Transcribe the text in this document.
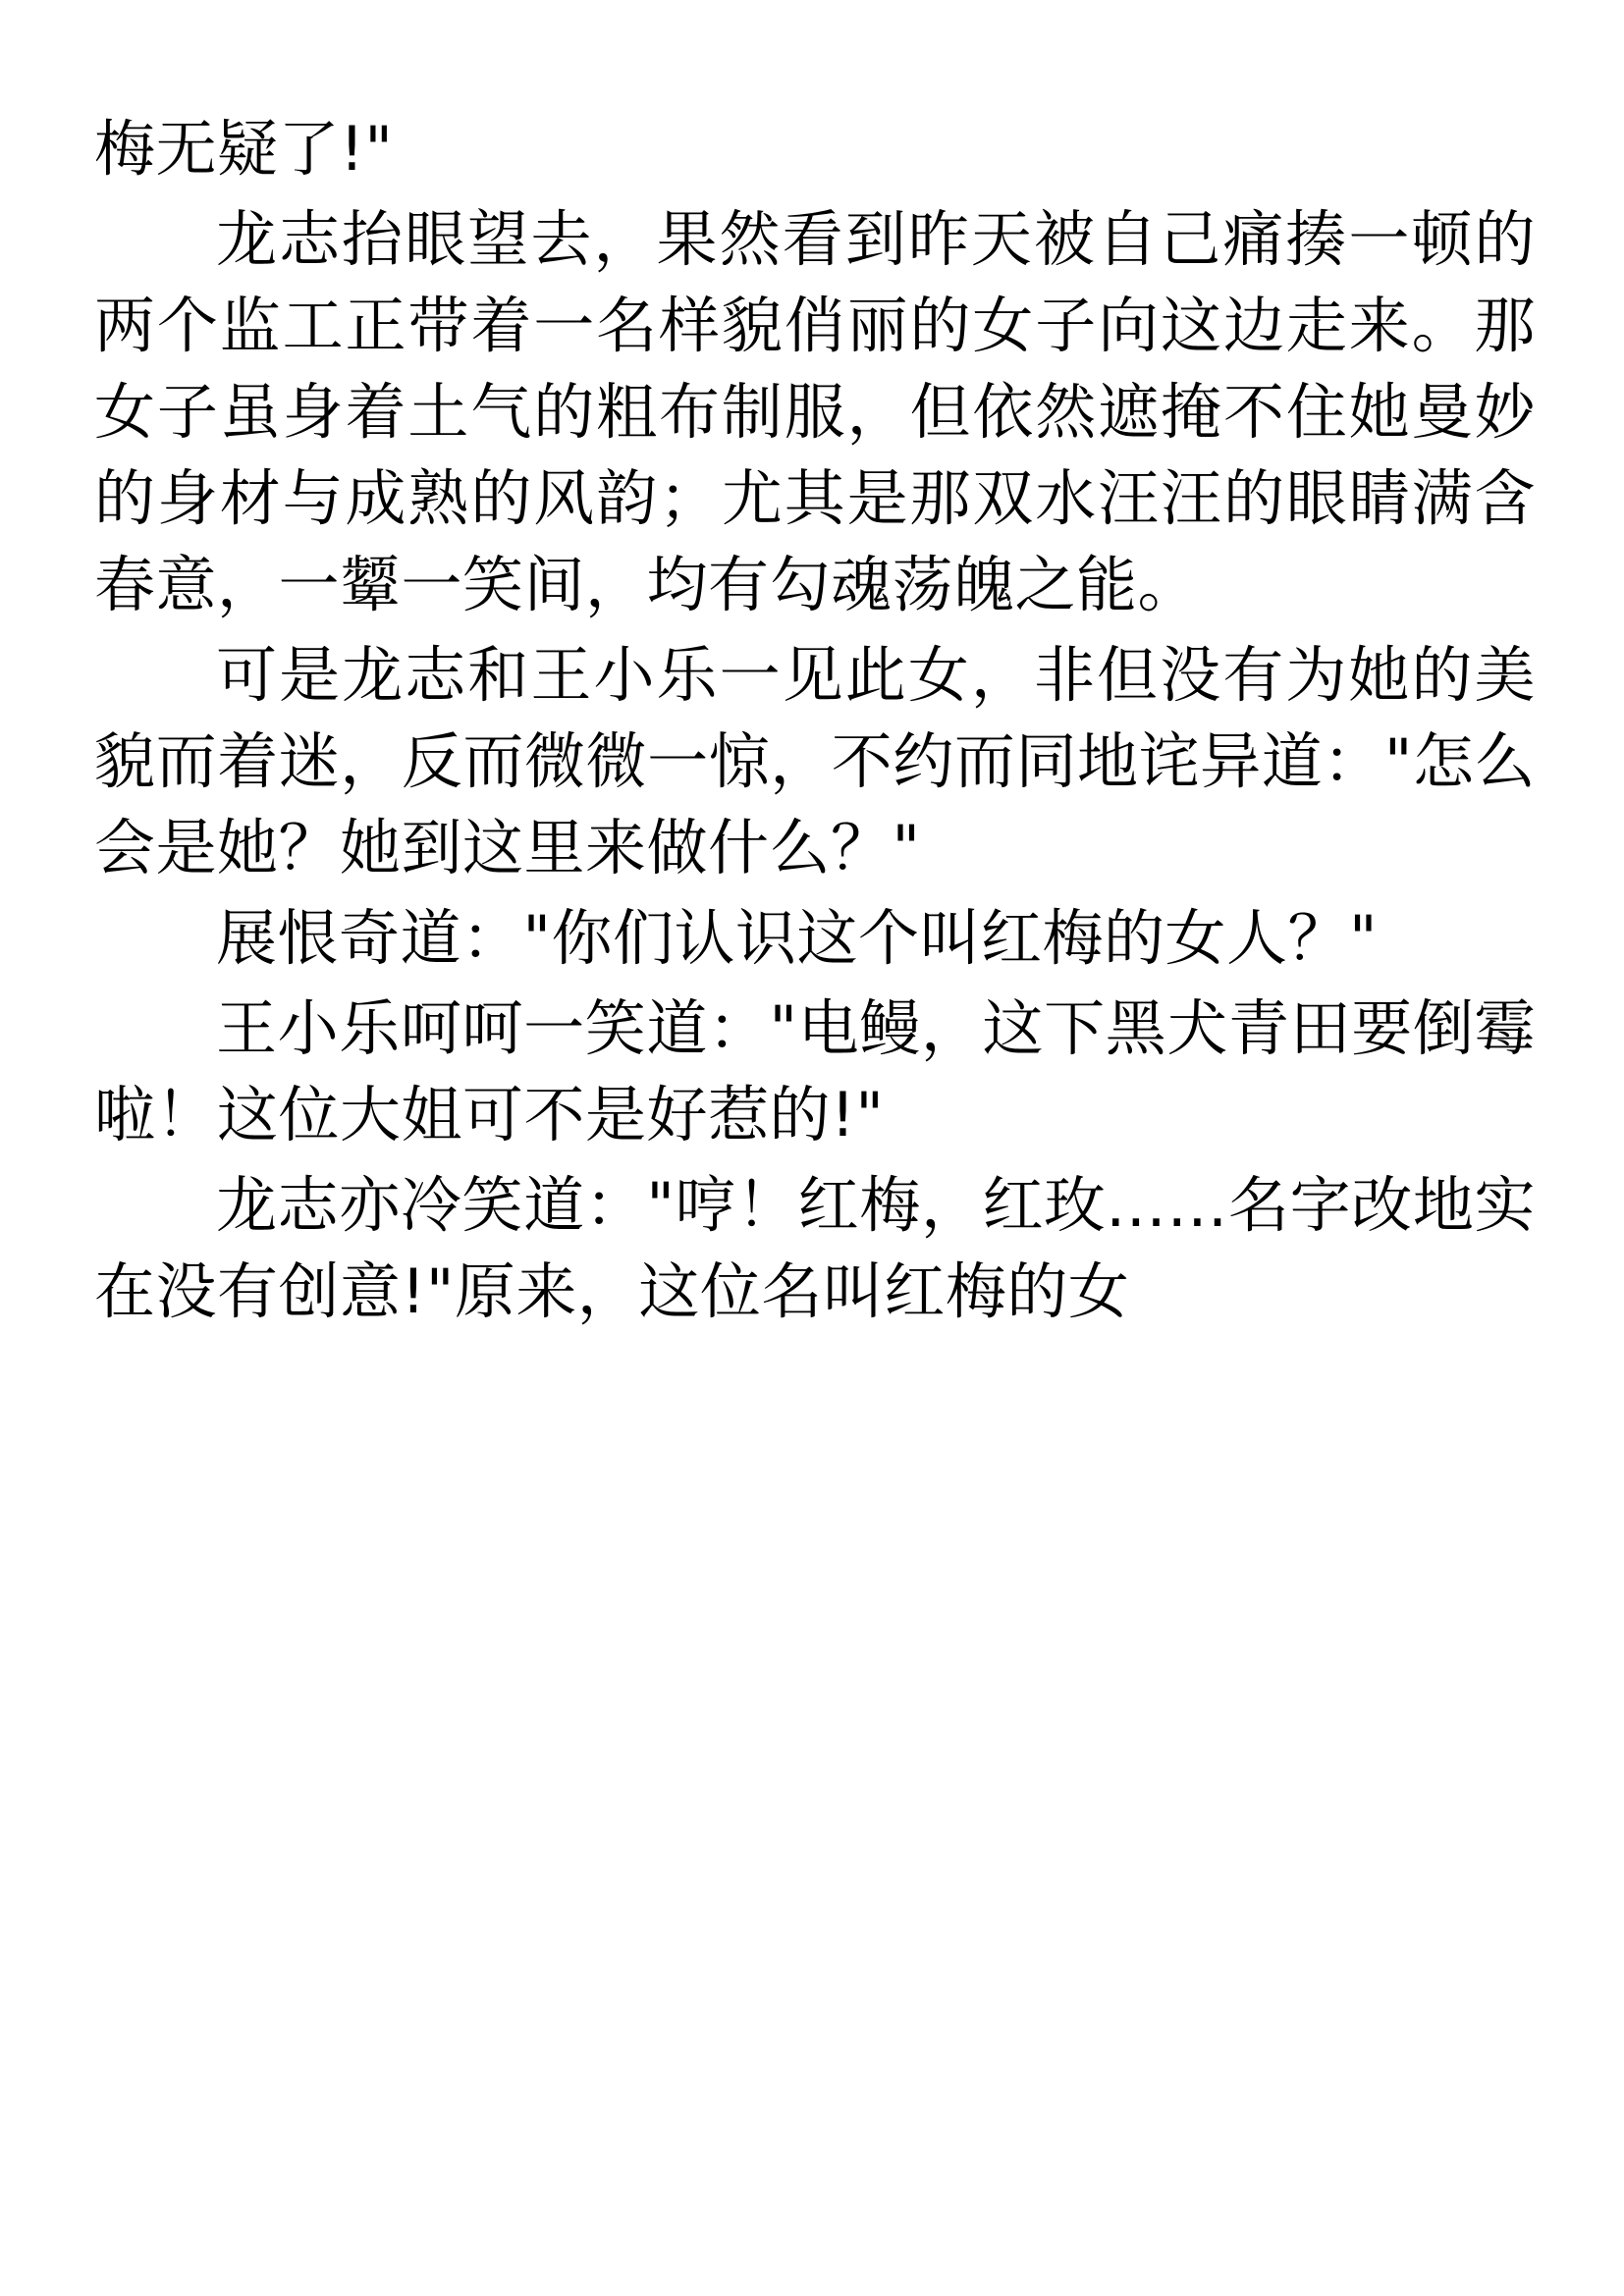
梅无疑了!"

龙志抬眼望去，果然看到昨天被自己痛揍一顿的两个监工正带着一名样貌俏丽的女子向这边走来。那女子虽身着土气的粗布制服，但依然遮掩不住她曼妙的身材与成熟的风韵；尤其是那双水汪汪的眼睛满含春意，一颦一笑间，均有勾魂荡魄之能。

可是龙志和王小乐一见此女，非但没有为她的美貌而着迷，反而微微一惊，不约而同地诧异道："怎么会是她？她到这里来做什么？"

展恨奇道："你们认识这个叫红梅的女人？"

王小乐呵呵一笑道："电鳗，这下黑犬青田要倒霉啦！这位大姐可不是好惹的!"

龙志亦冷笑道："哼！红梅，红玫……名字改地实在没有创意!"原来，这位名叫红梅的女
